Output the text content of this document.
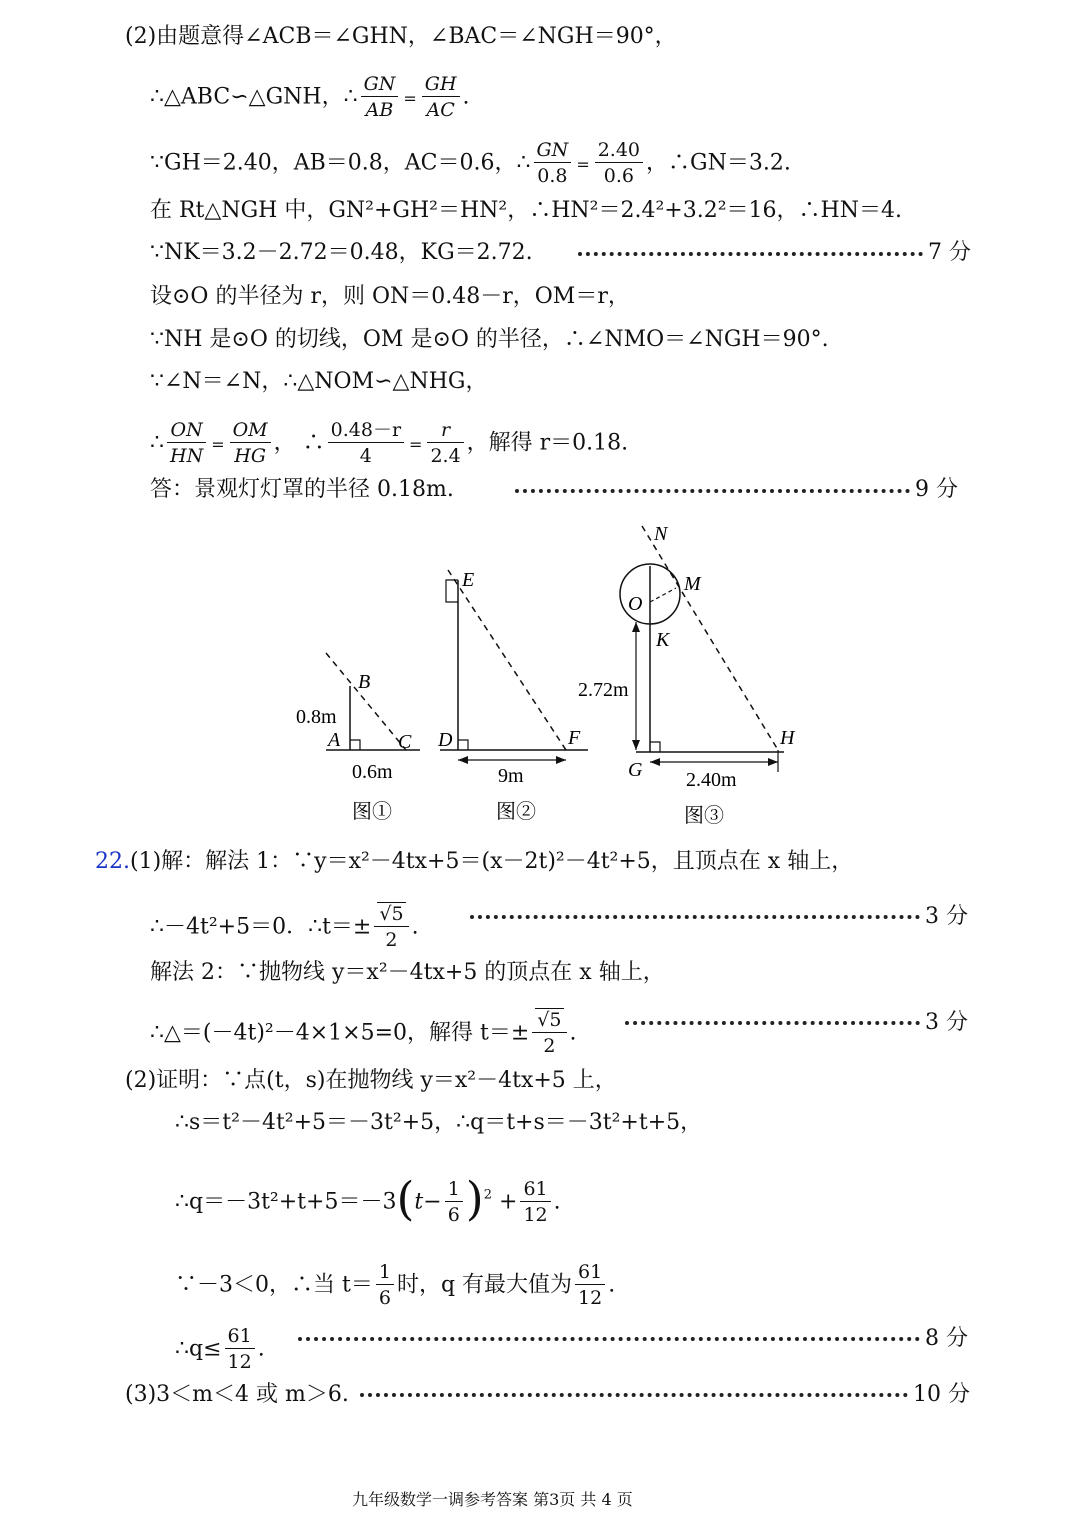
(2)由题意得∠ACB＝∠GHN，∠BAC＝∠NGH＝90°，
∴△ABC∽△GNH，∴ $\frac{GN}{AB} = \frac{GH}{AC}$ .
∵GH＝2.40，AB＝0.8，AC＝0.6，∴ $\frac{GN}{0.8} = \frac{2.40}{0.6}$ ，∴GN＝3.2.
在 Rt△NGH 中，GN²+GH²＝HN²，∴HN²＝2.4²+3.2²＝16，∴HN＝4.
∵NK＝3.2－2.72＝0.48，KG＝2.72.	7 分
设⊙O 的半径为 r，则 ON＝0.48－r，OM＝r，
∵NH 是⊙O 的切线，OM 是⊙O 的半径，∴∠NMO＝∠NGH＝90°.
∵∠N＝∠N，∴△NOM∽△NHG，
∴ $\frac{ON}{HN} = \frac{OM}{HG}$ ， ∴ $\frac{0.48-r}{4} = \frac{r}{2.4}$ ，解得 r＝0.18.
答：景观灯灯罩的半径 0.18m.	9 分
B
A	C
0.8m
0.6m
图①
E
D	F
9m
图②
N
M
O
K
G
H
2.72m
2.40m
图③
22.(1)解：解法 1：∵y＝x²－4tx+5＝(x－2t)²－4t²+5，且顶点在 x 轴上，
∴－4t²+5＝0．∴t＝± $\frac{√5}{2}$ .	3 分
解法 2：∵抛物线 y＝x²－4tx+5 的顶点在 x 轴上，
∴△＝(－4t)²－4×1×5=0，解得 $t=\pm \frac{√5}{2}$ .	3 分
(2)证明：∵点(t，s)在抛物线 y＝x²－4tx+5 上，
∴s＝t²－4t²+5＝－3t²+5，∴q＝t+s＝－3t²+t+5，
∴q＝－3t²+t+5＝－3(t− $\frac{1}{6} )^2 + \frac{61}{12}$ .
∵－3＜0，∴当 $t= \frac{1}{6}$ 时，q 有最大值为 $\frac{61}{12}$ .
∴q≤ $\frac{61}{12}$ .	8 分
(3)3＜m＜4 或 m＞6.	10 分
九年级数学一调参考答案 第3页 共 4 页
